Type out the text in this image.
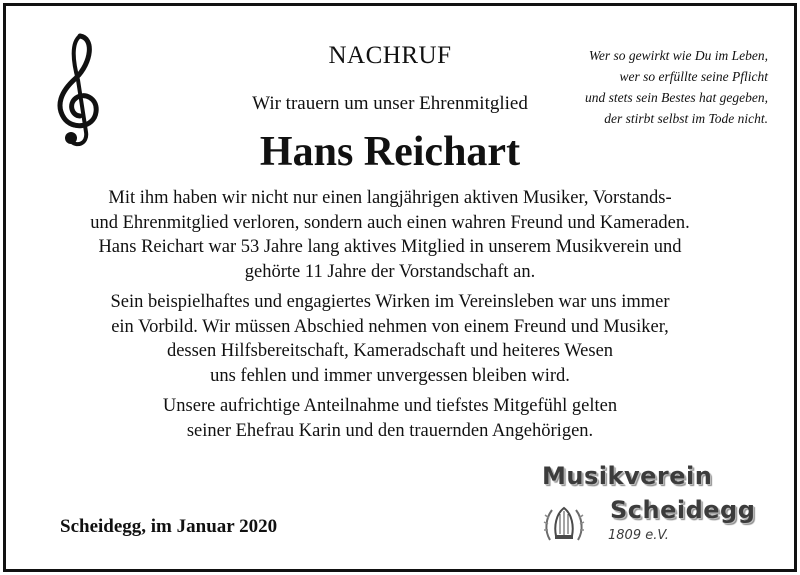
NACHRUF
Wir trauern um unser Ehrenmitglied
Hans Reichart
Wer so gewirkt wie Du im Leben,
wer so erfüllte seine Pflicht
und stets sein Bestes hat gegeben,
der stirbt selbst im Tode nicht.
Mit ihm haben wir nicht nur einen langjährigen aktiven Musiker, Vorstands-
und Ehrenmitglied verloren, sondern auch einen wahren Freund und Kameraden.
Hans Reichart war 53 Jahre lang aktives Mitglied in unserem Musikverein und
gehörte 11 Jahre der Vorstandschaft an.
Sein beispielhaftes und engagiertes Wirken im Vereinsleben war uns immer
ein Vorbild. Wir müssen Abschied nehmen von einem Freund und Musiker,
dessen Hilfsbereitschaft, Kameradschaft und heiteres Wesen
uns fehlen und immer unvergessen bleiben wird.
Unsere aufrichtige Anteilnahme und tiefstes Mitgefühl gelten
seiner Ehefrau Karin und den trauernden Angehörigen.
Scheidegg, im Januar 2020
Musikverein
Scheidegg
1809 e.V.
